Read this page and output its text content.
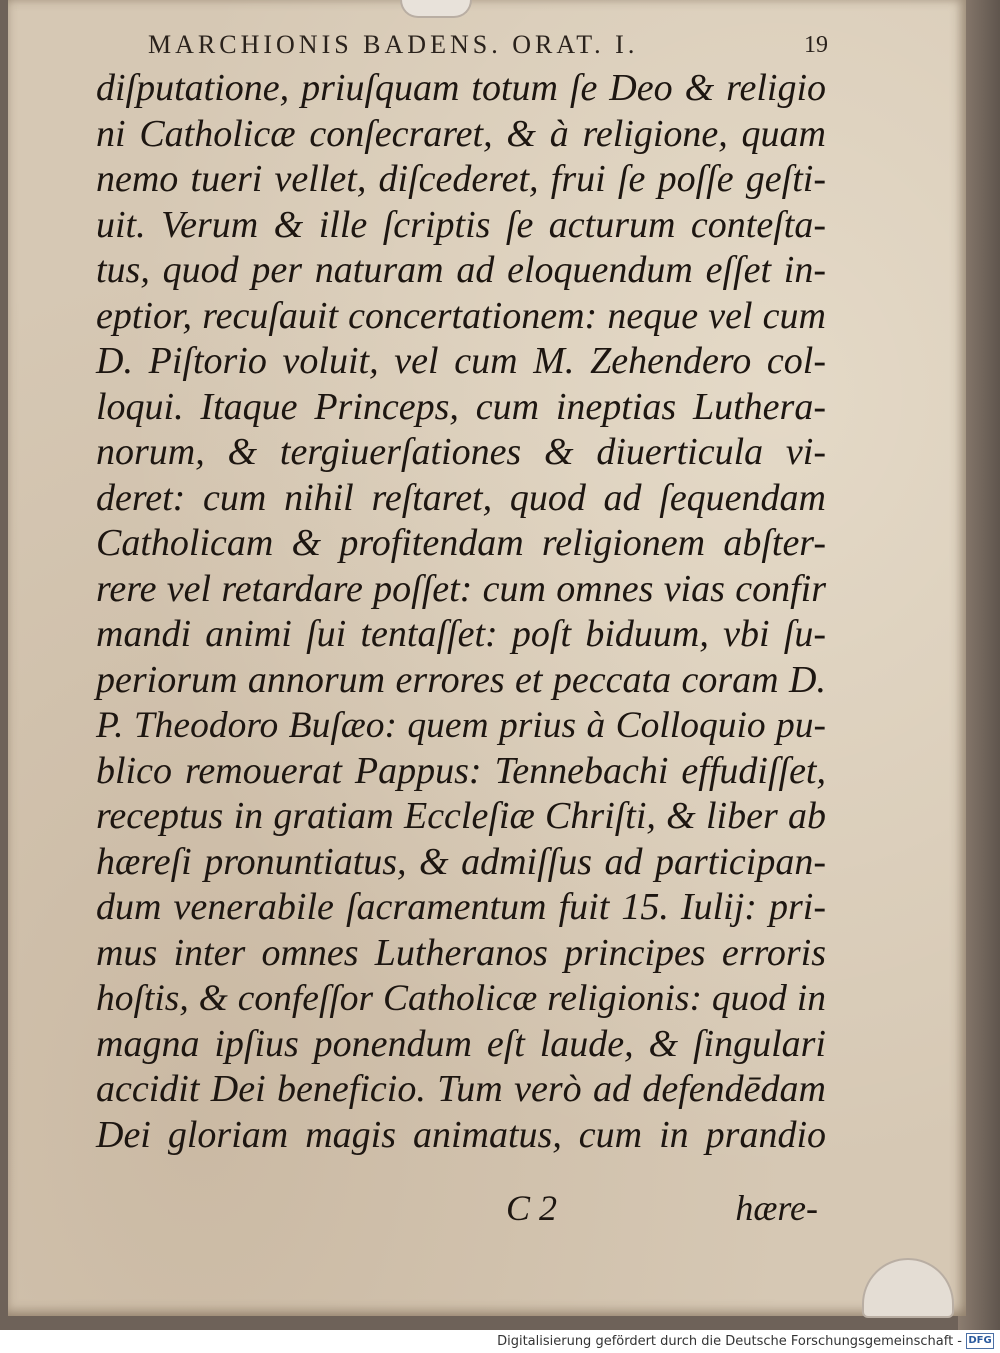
MARCHIONIS BADENS. ORAT. I.	19
diſputatione, priuſquam totum ſe Deo & religio
ni Catholicæ conſecraret, & à religione, quam
nemo tueri vellet, diſcederet, frui ſe poſſe geſti-
uit. Verum & ille ſcriptis ſe acturum conteſta-
tus, quod per naturam ad eloquendum eſſet in-
eptior, recuſauit concertationem: neque vel cum
D. Piſtorio voluit, vel cum M. Zehendero col-
loqui. Itaque Princeps, cum ineptias Luthera-
norum, & tergiuerſationes & diuerticula vi-
deret: cum nihil reſtaret, quod ad ſequendam
Catholicam & profitendam religionem abſter-
rere vel retardare poſſet: cum omnes vias confir
mandi animi ſui tentaſſet: poſt biduum, vbi ſu-
periorum annorum errores et peccata coram D.
P. Theodoro Buſæo: quem prius à Colloquio pu-
blico remouerat Pappus: Tennebachi effudiſſet,
receptus in gratiam Eccleſiæ Chriſti, & liber ab
hæreſi pronuntiatus, & admiſſus ad participan-
dum venerabile ſacramentum fuit 15. Iulij: pri-
mus inter omnes Lutheranos principes erroris
hoſtis, & confeſſor Catholicæ religionis: quod in
magna ipſius ponendum eſt laude, & ſingulari
accidit Dei beneficio. Tum verò ad defendēdam
Dei gloriam magis animatus, cum in prandio
C 2	hære-
Digitalisierung gefördert durch die Deutsche Forschungsgemeinschaft - DFG
